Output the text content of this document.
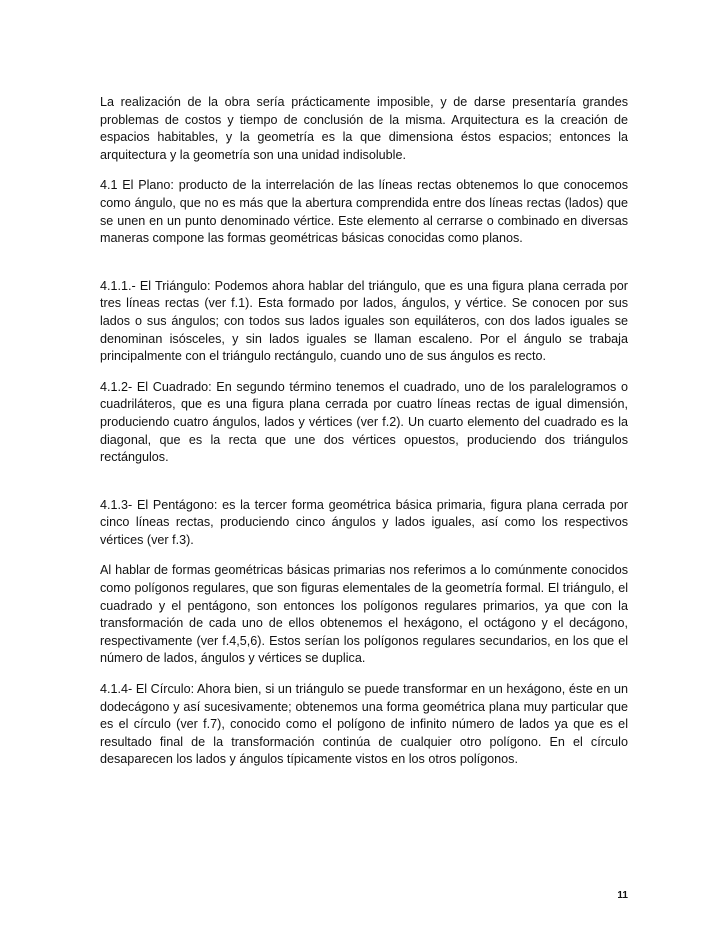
La realización de la obra sería prácticamente imposible, y de darse presentaría grandes problemas de costos y tiempo de conclusión de la misma. Arquitectura es la creación de espacios habitables, y la geometría es la que dimensiona éstos espacios; entonces la arquitectura y la geometría son una unidad indisoluble.

4.1 El Plano: producto de la interrelación de las líneas rectas obtenemos lo que conocemos como ángulo, que no es más que la abertura comprendida entre dos líneas rectas (lados) que se unen en un punto denominado vértice. Este elemento al cerrarse o combinado en diversas maneras compone las formas geométricas básicas conocidas como planos.

4.1.1.- El Triángulo: Podemos ahora hablar del triángulo, que es una figura plana cerrada por tres líneas rectas (ver f.1). Esta formado por lados, ángulos, y vértice. Se conocen por sus lados o sus ángulos; con todos sus lados iguales son equiláteros, con dos lados iguales se denominan isósceles, y sin lados iguales se llaman escaleno. Por el ángulo se trabaja principalmente con el triángulo rectángulo, cuando uno de sus ángulos es recto.

4.1.2- El Cuadrado: En segundo término tenemos el cuadrado, uno de los paralelogramos o cuadriláteros, que es una figura plana cerrada por cuatro líneas rectas de igual dimensión, produciendo cuatro ángulos, lados y vértices (ver f.2). Un cuarto elemento del cuadrado es la diagonal, que es la recta que une dos vértices opuestos, produciendo dos triángulos rectángulos.

4.1.3- El Pentágono: es la tercer forma geométrica básica primaria, figura plana cerrada por cinco líneas rectas, produciendo cinco ángulos y lados iguales, así como los respectivos vértices (ver f.3).

Al hablar de formas geométricas básicas primarias nos referimos a lo comúnmente conocidos como polígonos regulares, que son figuras elementales de la geometría formal. El triángulo, el cuadrado y el pentágono, son entonces los polígonos regulares primarios, ya que con la transformación de cada uno de ellos obtenemos el hexágono, el octágono y el decágono, respectivamente (ver f.4,5,6). Estos serían los polígonos regulares secundarios, en los que el número de lados, ángulos y vértices se duplica.

4.1.4- El Círculo: Ahora bien, si un triángulo se puede transformar en un hexágono, éste en un dodecágono y así sucesivamente; obtenemos una forma geométrica plana muy particular que es el círculo (ver f.7), conocido como el polígono de infinito número de lados ya que es el resultado final de la transformación continúa de cualquier otro polígono. En el círculo desaparecen los lados y ángulos típicamente vistos en los otros polígonos.

11
